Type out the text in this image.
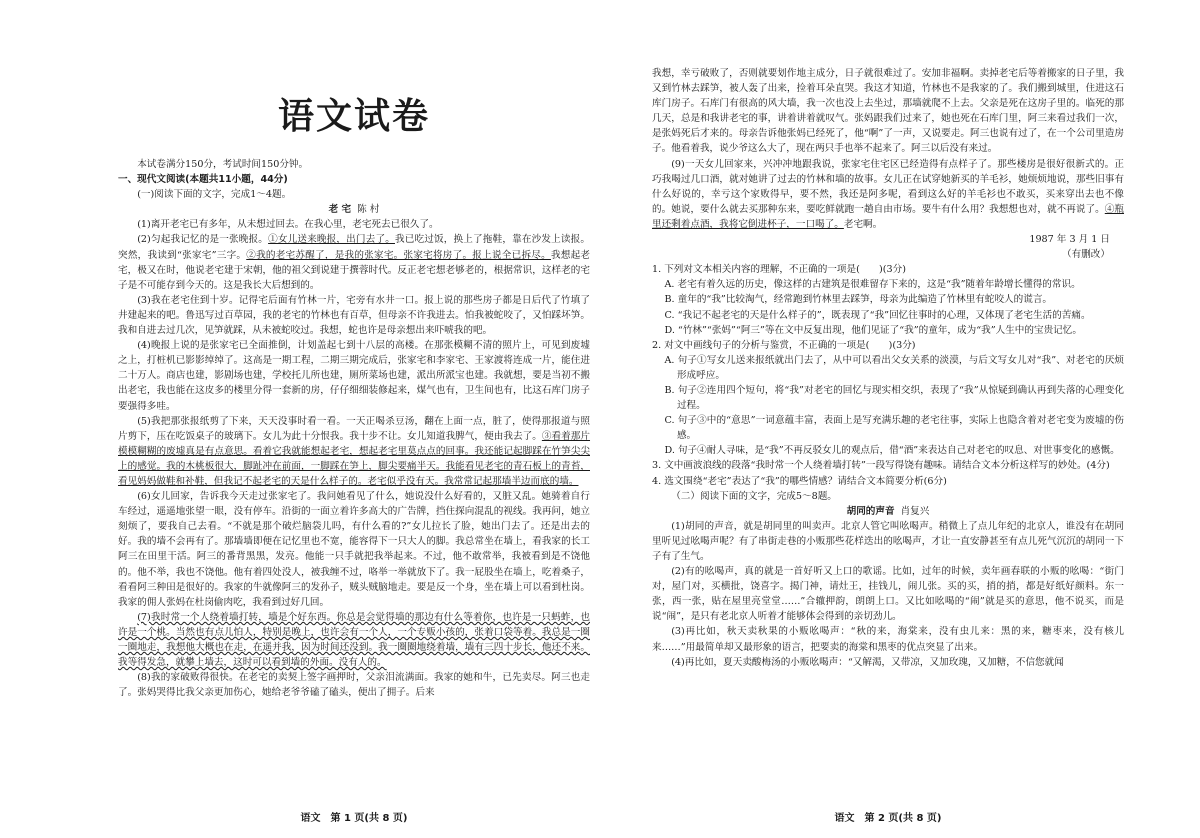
语文试卷

本试卷满分150分，考试时间150分钟。

一、现代文阅读(本题共11小题，44分)

(一)阅读下面的文字，完成1～4题。

老 宅 陈 村

(1)离开老宅已有多年，从未想过回去。在我心里，老宅死去已很久了。

(2)匀起我记忆的是一张晚报。①女儿送来晚报，出门去了。我已吃过饭，换上了拖鞋，靠在沙发上读报。突然，我读到“张家宅”三字。②我的老宅苏醒了，是我的张家宅。张家宅将房了。报上说全已拆尽。我想起老宅，极又在时，他说老宅建于宋朝，他的祖父到说建于撰蓉时代。反正老宅想老够老的，根据常识，这样老的宅子是不可能存到今天的。这是我长大后想到的。

(3)我在老宅住到十岁。记得宅后面有竹林一片，宅旁有水井一口。报上说的那些房子都是日后代了竹填了井建起来的吧。鲁迅写过百草园，我的老宅的竹林也有百草，但母亲不许我进去。怕我被蛇咬了，又怕踩坏笋。我和自进去过几次，见笋就踩，从未被蛇咬过。我想，蛇也许是母亲想出来吓唬我的吧。

(4)晚报上说的是张家宅已全面推倒，计划盖起七到十八层的高楼。在那张模糊不清的照片上，可见到废墟之上，打桩机已影影绰绰了。这高是一期工程，二期三期完成后，张家宅和李家宅、王家渡将连成一片，能住进二十万人。商店也建，影剧场也建，学校托儿所也建，厕所菜场也建，派出所派宝也建。我就想，要是当初不搬出老宅，我也能在这皮多的楼里分得一套新的房，仔仔细细装修起来，煤气也有，卫生间也有，比这石库门房子要强得多哇。

(5)我把那张报纸剪了下来，天天没事时看一看。一天正喝杀豆汤，翻在上面一点，脏了，使得那报道与照片剪下，压在吃饭桌子的玻璃下。女儿为此十分恨我。我十步不让。女儿知道我脾气，便由我去了。③看着那片模模糊糊的废墟真是有点意思。看着它我就能想起老宅，想起老宅里莫点点的回事。我还能记起脚踩在竹笋尖尖上的感觉。我的木桃板很大，脚趾冲在前面，一脚踩在笋上，脚尖要痛半天。我能看见老宅的青石板上的青苔，看见妈妈做鞋和补鞋，但我记不起老宅的天是什么样子的。老宅似乎没有天。我常常记起那墙半边而底的墙。

(6)女儿回家，告诉我今天走过张家宅了。我问她看见了什么，她说没什么好看的，又脏又乱。她骑着自行车经过，遥遥地张望一眼，没有停车。沿街的一面立着许多高大的广告牌，挡住探向混乱的视线。我再问，她立刻烦了，要我自己去看。“不就是那个破烂脑袋儿吗，有什么看的?”女儿拉长了脸，她出门去了。还是出去的好。我的墙不会再有了。那墙墙即便在记忆里也不宽，能容得下一只大人的脚。我总常坐在墙上，看我家的长工阿三在田里干活。阿三的番背黑黑，发亮。他能一只手就把我举起来。不过，他不敢常举，我被看到是不饶他的。他不举，我也不饶他。他有着四处没人，被我缠不过，咯举一举就放下了。我一屁股坐在墙上，吃着桑子，看看阿三种田是很好的。我家的牛就像阿三的发孙子，贼头贼脑地走。要是反一个身，坐在墙上可以看到杜岗。我家的佣人张妈在杜岗偷肉吃，我看到过好几回。

(7)我时常一个人绕着墙打转，墙是个好东西。你总是会觉得墙的那边有什么等着你，也许是一只蚂蚱，也许是一个桃。当然也有点儿怕人，特别是晚上，也许会有一个人，一个专贩小孩的，张着口袋等着。我总是一圈一圈地走，我想他大概也在走，在遥并我，因为时间还没到。我一圈圈地绕着墙，墙有三四十步长，他还不来。我等得发急，就攀上墙去，这时可以看到墙的外面。没有人的。

(8)我的家破败得很快。在老宅的卖契上签字画押时，父亲泪流满面。我家的她和牛，已先卖尽。阿三也走了。张妈哭得比我父亲更加伤心，她给老爷爷磕了磕头，便出了拥子。后来

我想，幸亏破败了，否则就要划作地主成分，日子就很难过了。安加非福啊。卖掉老宅后等着搬家的日子里，我又到竹林去踩笋，被人轰了出来，捡着耳朵直哭。我这才知道，竹林也不是我家的了。我们搬到城里，住进这石库门房子。石库门有很高的风大墙，我一次也没上去坐过，那墙就爬不上去。父亲是死在这房子里的。临死的那几天，总是和我讲老宅的事，讲着讲着就叹气。张妈跟我们过来了，她也死在石库门里，阿三来看过我们一次，是张妈死后才来的。母亲告诉他张妈已经死了，他“啊”了一声，又说要走。阿三也说有过了，在一个公司里造房子。他看着我，说少爷这么大了，现在两只手也举不起来了。阿三以后没有来过。

(9)一天女儿回家来，兴冲冲地跟我说，张家宅住宅区已经造得有点样子了。那些楼房是很好很新式的。正巧我喝过几口酒，就对她讲了过去的竹林和墙的故事。女儿正在试穿她新买的羊毛衫，她烦烦地说，那些旧事有什么好说的，幸亏这个家败得早，要不然，我还是阿多呢，看到这么好的羊毛衫也不敢买，买来穿出去也不像的。她说，要什么就去买那种东来，要吃鲜就跑一趟自由市场。要牛有什么用？我想想也对，就不再说了。④瓶里还剩着点酒，我将它倒进杯子，一口喝了。老宅啊。

1987 年 3 月 1 日

（有删改）

1. 下列对文本相关内容的理解，不正确的一项是(　　)(3分)

A. 老宅有着久远的历史，像这样的古建筑是很难留存下来的，这是“我”随着年龄增长懂得的常识。

B. 童年的“我”比较淘气，经常跑到竹林里去踩笋，母亲为此编造了竹林里有蛇咬人的谎言。

C. “我记不起老宅的天是什么样子的”，既表现了“我”回忆往事时的心理，又体现了老宅生活的苦痛。

D. “竹林”“张妈”“阿三”等在文中反复出现，他们见证了“我”的童年，成为“我”人生中的宝贵记忆。

2. 对文中画线句子的分析与鉴赏，不正确的一项是(　　)(3分)

A. 句子①写女儿送来报纸就出门去了，从中可以看出父女关系的淡漠，与后文写女儿对“我”、对老宅的厌烦形成呼应。

B. 句子②连用四个短句，将“我”对老宅的回忆与现实相交织，表现了“我”从惊疑到确认再到失落的心理变化过程。

C. 句子③中的“意思”一词意蕴丰富，表面上是写充满乐趣的老宅往事，实际上也隐含着对老宅变为废墟的伤感。

D. 句子④耐人寻味，是“我”不再反驳女儿的观点后，借“酒”来表达自己对老宅的叹息、对世事变化的感慨。

3. 文中画波浪线的段落“我时常一个人绕着墙打转”一段写得饶有趣味。请结合文本分析这样写的妙处。(4分)

4. 选文围绕“老宅”表达了“我”的哪些情感？请结合文本简要分析(6分)

（二）阅读下面的文字，完成5～8题。

胡同的声音 肖复兴

(1)胡同的声音，就是胡同里的叫卖声。北京人管它叫吆喝声。稍微上了点儿年纪的北京人，谁没有在胡同里听见过吆喝声呢？有了串街走巷的小贩那些花样迭出的吆喝声，才让一直安静甚至有点儿死气沉沉的胡同一下子有了生气。

(2)有的吆喝声，真的就是一首好听又上口的歌谣。比如，过年的时候，卖年画春联的小贩的吆喝：“街门对，屋门对，买横批，饶喜字。揭门神，请灶王，挂钱儿，闹儿张。买的买，捎的捎，都是好纸好颜料。东一张，西一张，贴在屋里亮堂堂……”合辙押韵，朗朗上口。又比如吆喝的“闹”就是买的意思，他不说买，而是说“闹”，是只有老北京人听着才能够体会得到的亲切劲儿。

(3)再比如，秋天卖秋果的小贩吆喝声：“秋的来，海棠来，没有虫儿来：黑的来，糖枣来，没有核儿来……”用最简单却又最形象的语言，把要卖的海棠和黑枣的优点突显了出来。

(4)再比如，夏天卖酸梅汤的小贩吆喝声：“又解渴，又带凉，又加玫瑰，又加糖，不信您就闻

语文　第 1 页(共 8 页)	语文　第 2 页(共 8 页)
